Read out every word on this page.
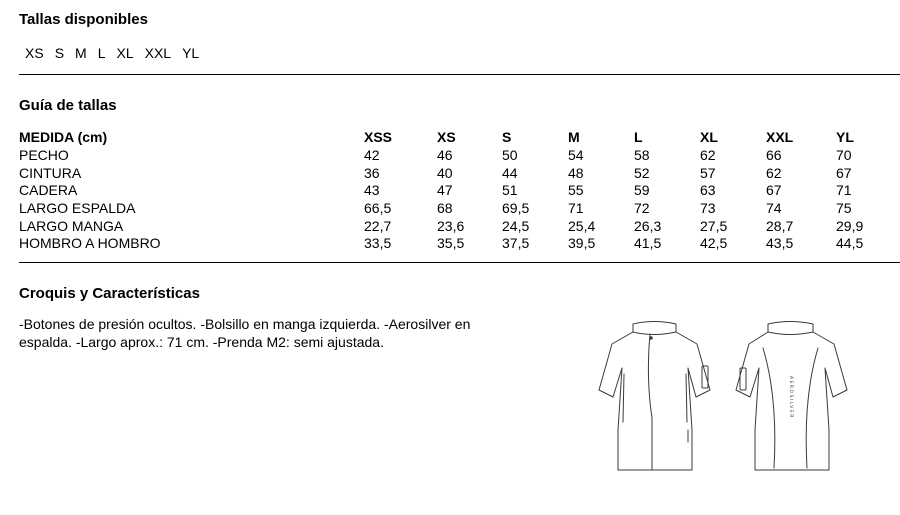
Tallas disponibles
XS S M L XL XXL YL
Guía de tallas
MEDIDA (cm)	XSS	XS	S	M	L	XL	XXL	YL
PECHO	42	46	50	54	58	62	66	70
CINTURA	36	40	44	48	52	57	62	67
CADERA	43	47	51	55	59	63	67	71
LARGO ESPALDA	66,5	68	69,5	71	72	73	74	75
LARGO MANGA	22,7	23,6	24,5	25,4	26,3	27,5	28,7	29,9
HOMBRO A HOMBRO	33,5	35,5	37,5	39,5	41,5	42,5	43,5	44,5
Croquis y Características

-Botones de presión ocultos. -Bolsillo en manga izquierda. -Aerosilver en espalda. -Largo aprox.: 71 cm. -Prenda M2: semi ajustada.

AEROSILVER
